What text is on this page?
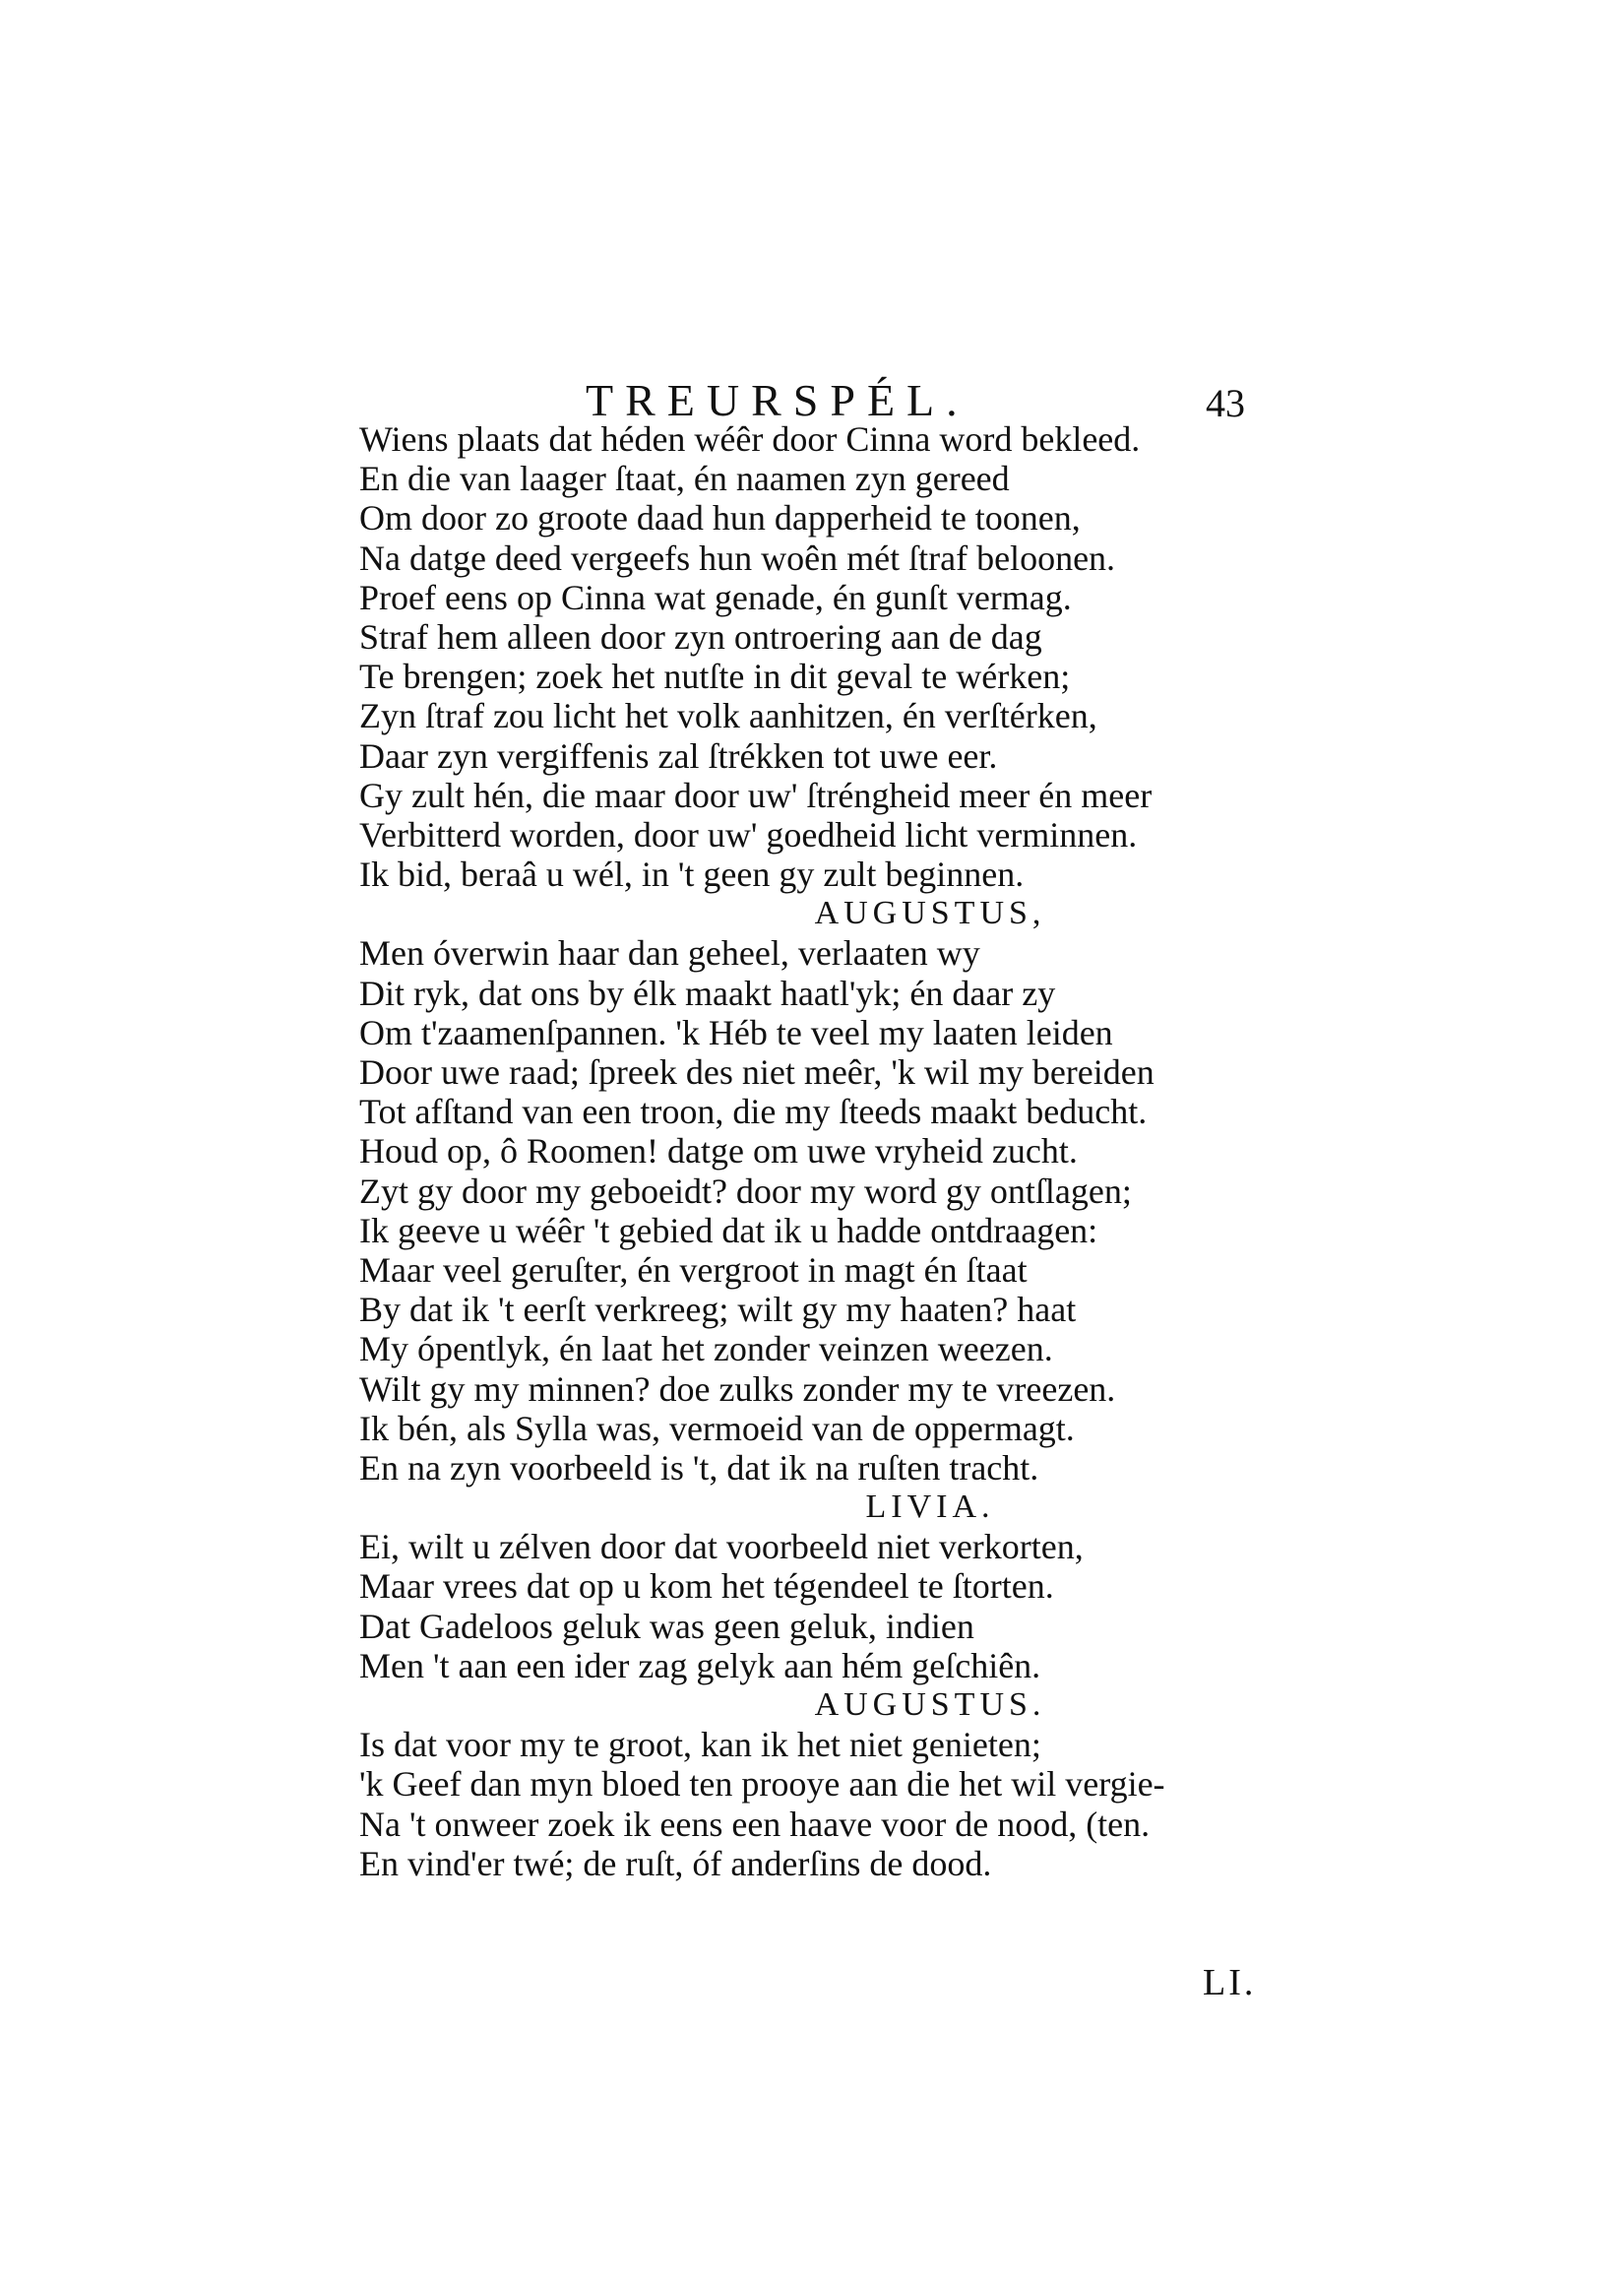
TREURSPÉL.	43
Wiens plaats dat héden wéêr door Cinna word bekleed.
En die van laager ſtaat, én naamen zyn gereed
Om door zo groote daad hun dapperheid te toonen,
Na datge deed vergeefs hun woên mét ſtraf beloonen.
Proef eens op Cinna wat genade, én gunſt vermag.
Straf hem alleen door zyn ontroering aan de dag
Te brengen; zoek het nutſte in dit geval te wérken;
Zyn ſtraf zou licht het volk aanhitzen, én verſtérken,
Daar zyn vergiffenis zal ſtrékken tot uwe eer.
Gy zult hén, die maar door uw' ſtréngheid meer én meer
Verbitterd worden, door uw' goedheid licht verminnen.
Ik bid, beraâ u wél, in 't geen gy zult beginnen.
AUGUSTUS,
Men óverwin haar dan geheel, verlaaten wy
Dit ryk, dat ons by élk maakt haatl'yk; én daar zy
Om t'zaamenſpannen. 'k Héb te veel my laaten leiden
Door uwe raad; ſpreek des niet meêr, 'k wil my bereiden
Tot afſtand van een troon, die my ſteeds maakt beducht.
Houd op, ô Roomen! datge om uwe vryheid zucht.
Zyt gy door my geboeidt? door my word gy ontſlagen;
Ik geeve u wéêr 't gebied dat ik u hadde ontdraagen:
Maar veel geruſter, én vergroot in magt én ſtaat
By dat ik 't eerſt verkreeg; wilt gy my haaten? haat
My ópentlyk, én laat het zonder veinzen weezen.
Wilt gy my minnen? doe zulks zonder my te vreezen.
Ik bén, als Sylla was, vermoeid van de oppermagt.
En na zyn voorbeeld is 't, dat ik na ruſten tracht.
LIVIA.
Ei, wilt u zélven door dat voorbeeld niet verkorten,
Maar vrees dat op u kom het tégendeel te ſtorten.
Dat Gadeloos geluk was geen geluk, indien
Men 't aan een ider zag gelyk aan hém geſchiên.
AUGUSTUS.
Is dat voor my te groot, kan ik het niet genieten;
'k Geef dan myn bloed ten prooye aan die het wil vergie-
Na 't onweer zoek ik eens een haave voor de nood, (ten.
En vind'er twé; de ruſt, óf anderſins de dood.
LI.
